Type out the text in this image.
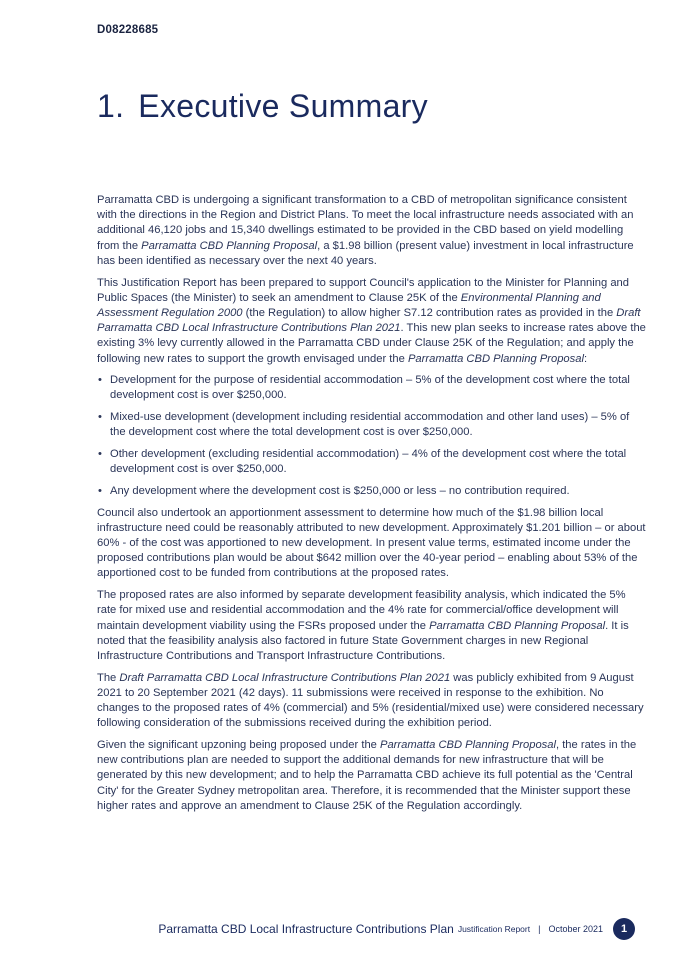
D08228685
1. Executive Summary

Parramatta CBD is undergoing a significant transformation to a CBD of metropolitan significance consistent with the directions in the Region and District Plans. To meet the local infrastructure needs associated with an additional 46,120 jobs and 15,340 dwellings estimated to be provided in the CBD based on yield modelling from the Parramatta CBD Planning Proposal, a $1.98 billion (present value) investment in local infrastructure has been identified as necessary over the next 40 years.

This Justification Report has been prepared to support Council's application to the Minister for Planning and Public Spaces (the Minister) to seek an amendment to Clause 25K of the Environmental Planning and Assessment Regulation 2000 (the Regulation) to allow higher S7.12 contribution rates as provided in the Draft Parramatta CBD Local Infrastructure Contributions Plan 2021. This new plan seeks to increase rates above the existing 3% levy currently allowed in the Parramatta CBD under Clause 25K of the Regulation; and apply the following new rates to support the growth envisaged under the Parramatta CBD Planning Proposal:

• Development for the purpose of residential accommodation – 5% of the development cost where the total development cost is over $250,000.
• Mixed-use development (development including residential accommodation and other land uses) – 5% of the development cost where the total development cost is over $250,000.
• Other development (excluding residential accommodation) – 4% of the development cost where the total development cost is over $250,000.
• Any development where the development cost is $250,000 or less – no contribution required.

Council also undertook an apportionment assessment to determine how much of the $1.98 billion local infrastructure need could be reasonably attributed to new development. Approximately $1.201 billion – or about 60% - of the cost was apportioned to new development. In present value terms, estimated income under the proposed contributions plan would be about $642 million over the 40-year period – enabling about 53% of the apportioned cost to be funded from contributions at the proposed rates.

The proposed rates are also informed by separate development feasibility analysis, which indicated the 5% rate for mixed use and residential accommodation and the 4% rate for commercial/office development will maintain development viability using the FSRs proposed under the Parramatta CBD Planning Proposal. It is noted that the feasibility analysis also factored in future State Government charges in new Regional Infrastructure Contributions and Transport Infrastructure Contributions.

The Draft Parramatta CBD Local Infrastructure Contributions Plan 2021 was publicly exhibited from 9 August 2021 to 20 September 2021 (42 days). 11 submissions were received in response to the exhibition. No changes to the proposed rates of 4% (commercial) and 5% (residential/mixed use) were considered necessary following consideration of the submissions received during the exhibition period.

Given the significant upzoning being proposed under the Parramatta CBD Planning Proposal, the rates in the new contributions plan are needed to support the additional demands for new infrastructure that will be generated by this new development; and to help the Parramatta CBD achieve its full potential as the 'Central City' for the Greater Sydney metropolitan area. Therefore, it is recommended that the Minister support these higher rates and approve an amendment to Clause 25K of the Regulation accordingly.

Parramatta CBD Local Infrastructure Contributions Plan Justification Report | October 2021	1
